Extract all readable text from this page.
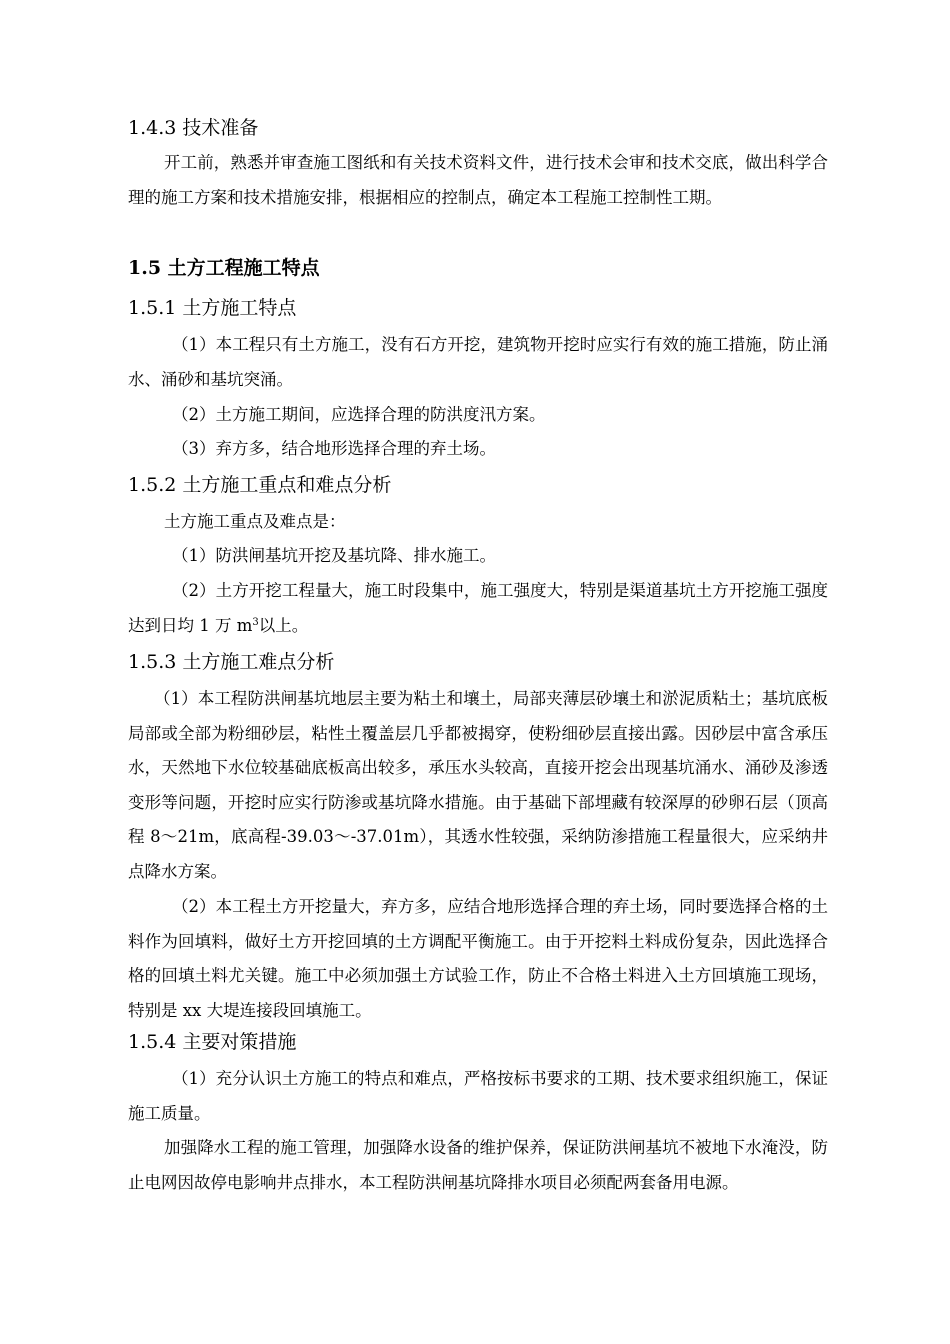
1.4.3 技术准备

开工前，熟悉并审查施工图纸和有关技术资料文件，进行技术会审和技术交底，做出科学合理的施工方案和技术措施安排，根据相应的控制点，确定本工程施工控制性工期。

1.5 土方工程施工特点
1.5.1 土方施工特点

（1）本工程只有土方施工，没有石方开挖，建筑物开挖时应实行有效的施工措施，防止涌水、涌砂和基坑突涌。

（2）土方施工期间，应选择合理的防洪度汛方案。

（3）弃方多，结合地形选择合理的弃土场。

1.5.2 土方施工重点和难点分析

土方施工重点及难点是：

（1）防洪闸基坑开挖及基坑降、排水施工。

（2）土方开挖工程量大，施工时段集中，施工强度大，特别是渠道基坑土方开挖施工强度达到日均 1 万 $m^3$以上。

1.5.3 土方施工难点分析

（1）本工程防洪闸基坑地层主要为粘土和壤土，局部夹薄层砂壤土和淤泥质粘土；基坑底板局部或全部为粉细砂层，粘性土覆盖层几乎都被揭穿，使粉细砂层直接出露。因砂层中富含承压水，天然地下水位较基础底板高出较多，承压水头较高，直接开挖会出现基坑涌水、涌砂及渗透变形等问题，开挖时应实行防渗或基坑降水措施。由于基础下部埋藏有较深厚的砂卵石层（顶高程 8～21m，底高程-39.03～-37.01m），其透水性较强，采纳防渗措施工程量很大，应采纳井点降水方案。

（2）本工程土方开挖量大，弃方多，应结合地形选择合理的弃土场，同时要选择合格的土料作为回填料，做好土方开挖回填的土方调配平衡施工。由于开挖料土料成份复杂，因此选择合格的回填土料尤关键。施工中必须加强土方试验工作，防止不合格土料进入土方回填施工现场，特别是 xx 大堤连接段回填施工。

1.5.4 主要对策措施

（1）充分认识土方施工的特点和难点，严格按标书要求的工期、技术要求组织施工，保证施工质量。

加强降水工程的施工管理，加强降水设备的维护保养，保证防洪闸基坑不被地下水淹没，防止电网因故停电影响井点排水，本工程防洪闸基坑降排水项目必须配两套备用电源。
